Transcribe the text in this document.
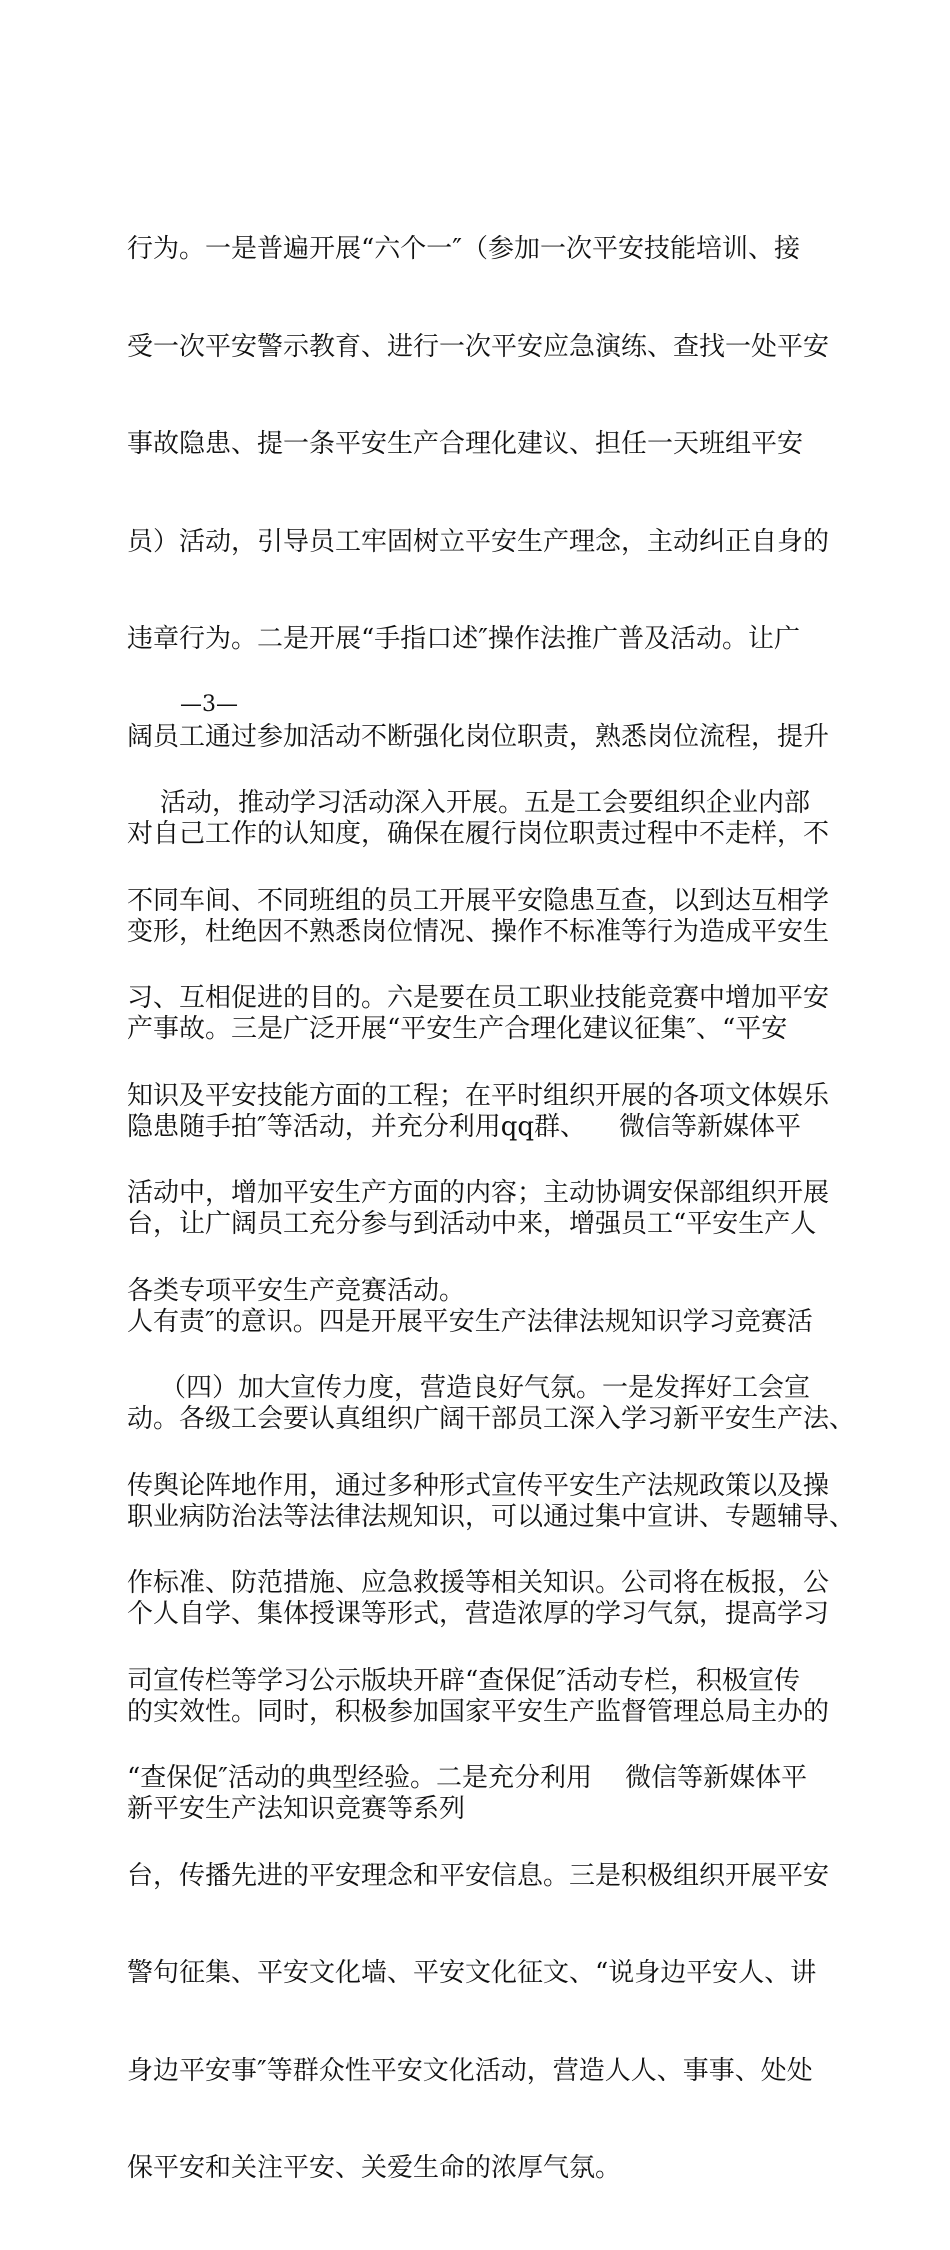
行为。一是普遍开展“六个一″（参加一次平安技能培训、接

受一次平安警示教育、进行一次平安应急演练、查找一处平安

事故隐患、提一条平安生产合理化建议、担任一天班组平安

员）活动，引导员工牢固树立平安生产理念，主动纠正自身的

违章行为。二是开展“手指口述″操作法推广普及活动。让广

阔员工通过参加活动不断强化岗位职责，熟悉岗位流程，提升

对自己工作的认知度，确保在履行岗位职责过程中不走样，不

变形，杜绝因不熟悉岗位情况、操作不标准等行为造成平安生

产事故。三是广泛开展“平安生产合理化建议征集″、“平安

隐患随手拍″等活动，并充分利用qq群、    微信等新媒体平

台，让广阔员工充分参与到活动中来，增强员工“平安生产人

人有责″的意识。四是开展平安生产法律法规知识学习竞赛活

动。各级工会要认真组织广阔干部员工深入学习新平安生产法、

职业病防治法等法律法规知识，可以通过集中宣讲、专题辅导、

个人自学、集体授课等形式，营造浓厚的学习气氛，提高学习

的实效性。同时，积极参加国家平安生产监督管理总局主办的

新平安生产法知识竞赛等系列

—3—

活动，推动学习活动深入开展。五是工会要组织企业内部

不同车间、不同班组的员工开展平安隐患互查，以到达互相学

习、互相促进的目的。六是要在员工职业技能竞赛中增加平安

知识及平安技能方面的工程；在平时组织开展的各项文体娱乐

活动中，增加平安生产方面的内容；主动协调安保部组织开展

各类专项平安生产竞赛活动。

（四）加大宣传力度，营造良好气氛。一是发挥好工会宣

传舆论阵地作用，通过多种形式宣传平安生产法规政策以及操

作标准、防范措施、应急救援等相关知识。公司将在板报，公

司宣传栏等学习公示版块开辟“查保促″活动专栏，积极宣传

“查保促″活动的典型经验。二是充分利用    微信等新媒体平

台，传播先进的平安理念和平安信息。三是积极组织开展平安

警句征集、平安文化墙、平安文化征文、“说身边平安人、讲

身边平安事″等群众性平安文化活动，营造人人、事事、处处

保平安和关注平安、关爱生命的浓厚气氛。
